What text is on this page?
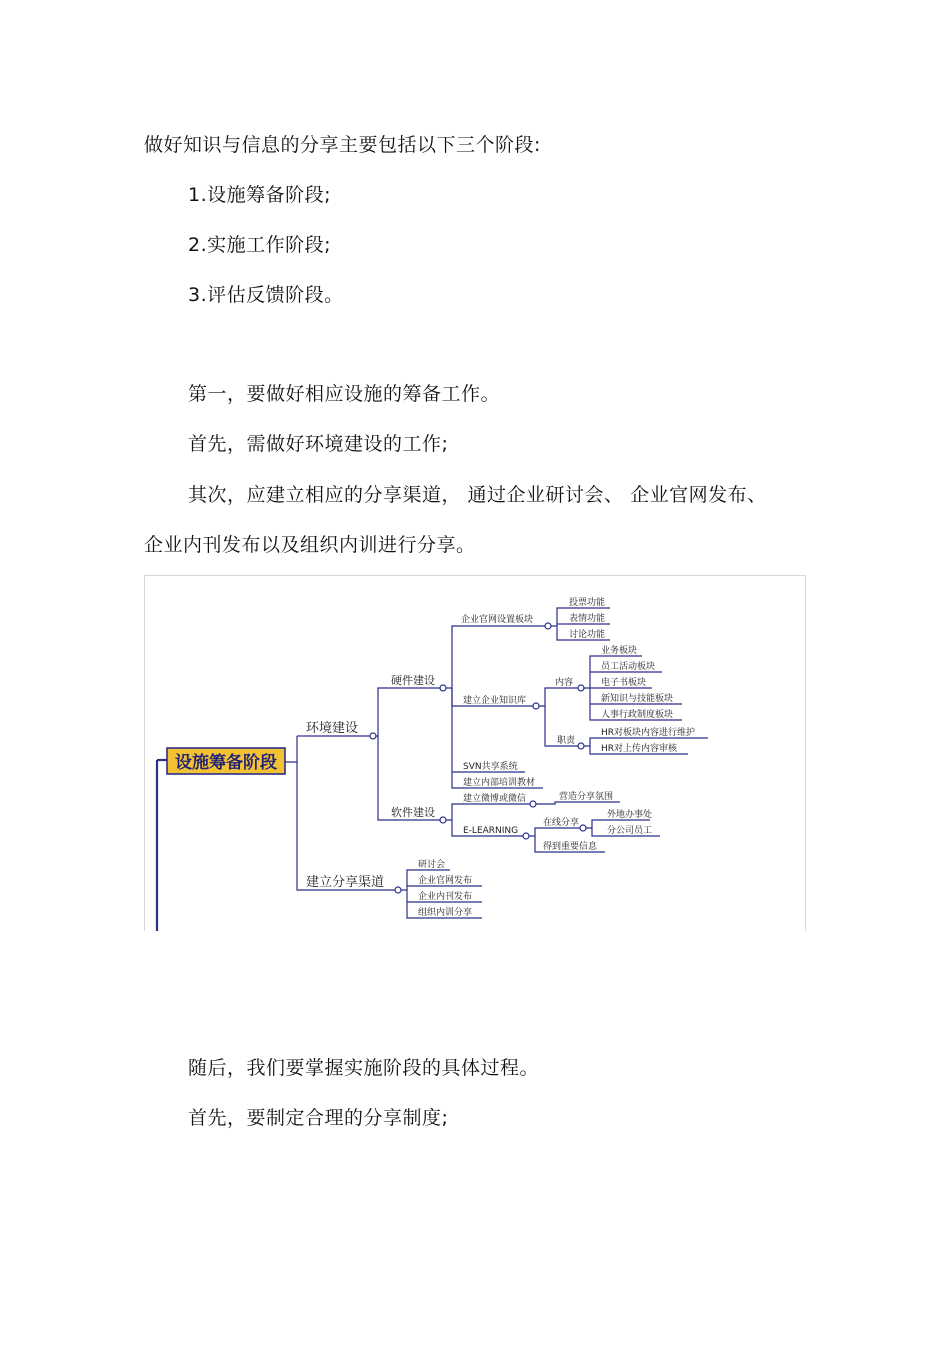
做好知识与信息的分享主要包括以下三个阶段:
1.设施筹备阶段;
2.实施工作阶段;
3.评估反馈阶段。
第一，要做好相应设施的筹备工作。
首先，需做好环境建设的工作;
其次，应建立相应的分享渠道， 通过企业研讨会、 企业官网发布、
企业内刊发布以及组织内训进行分享。
设施筹备阶段
环境建设
硬件建设
企业官网设置板块
投票功能
表情功能
讨论功能
建立企业知识库
内容
业务板块
员工活动板块
电子书板块
新知识与技能板块
人事行政制度板块
职责
HR对板块内容进行维护
HR对上传内容审核
SVN共享系统
建立内部培训教材
软件建设
建立微博或微信	营造分享氛围
E-LEARNING
在线分享
外地办事处
分公司员工
得到重要信息
建立分享渠道
研讨会
企业官网发布
企业内刊发布
组织内训分享
随后，我们要掌握实施阶段的具体过程。
首先，要制定合理的分享制度;
